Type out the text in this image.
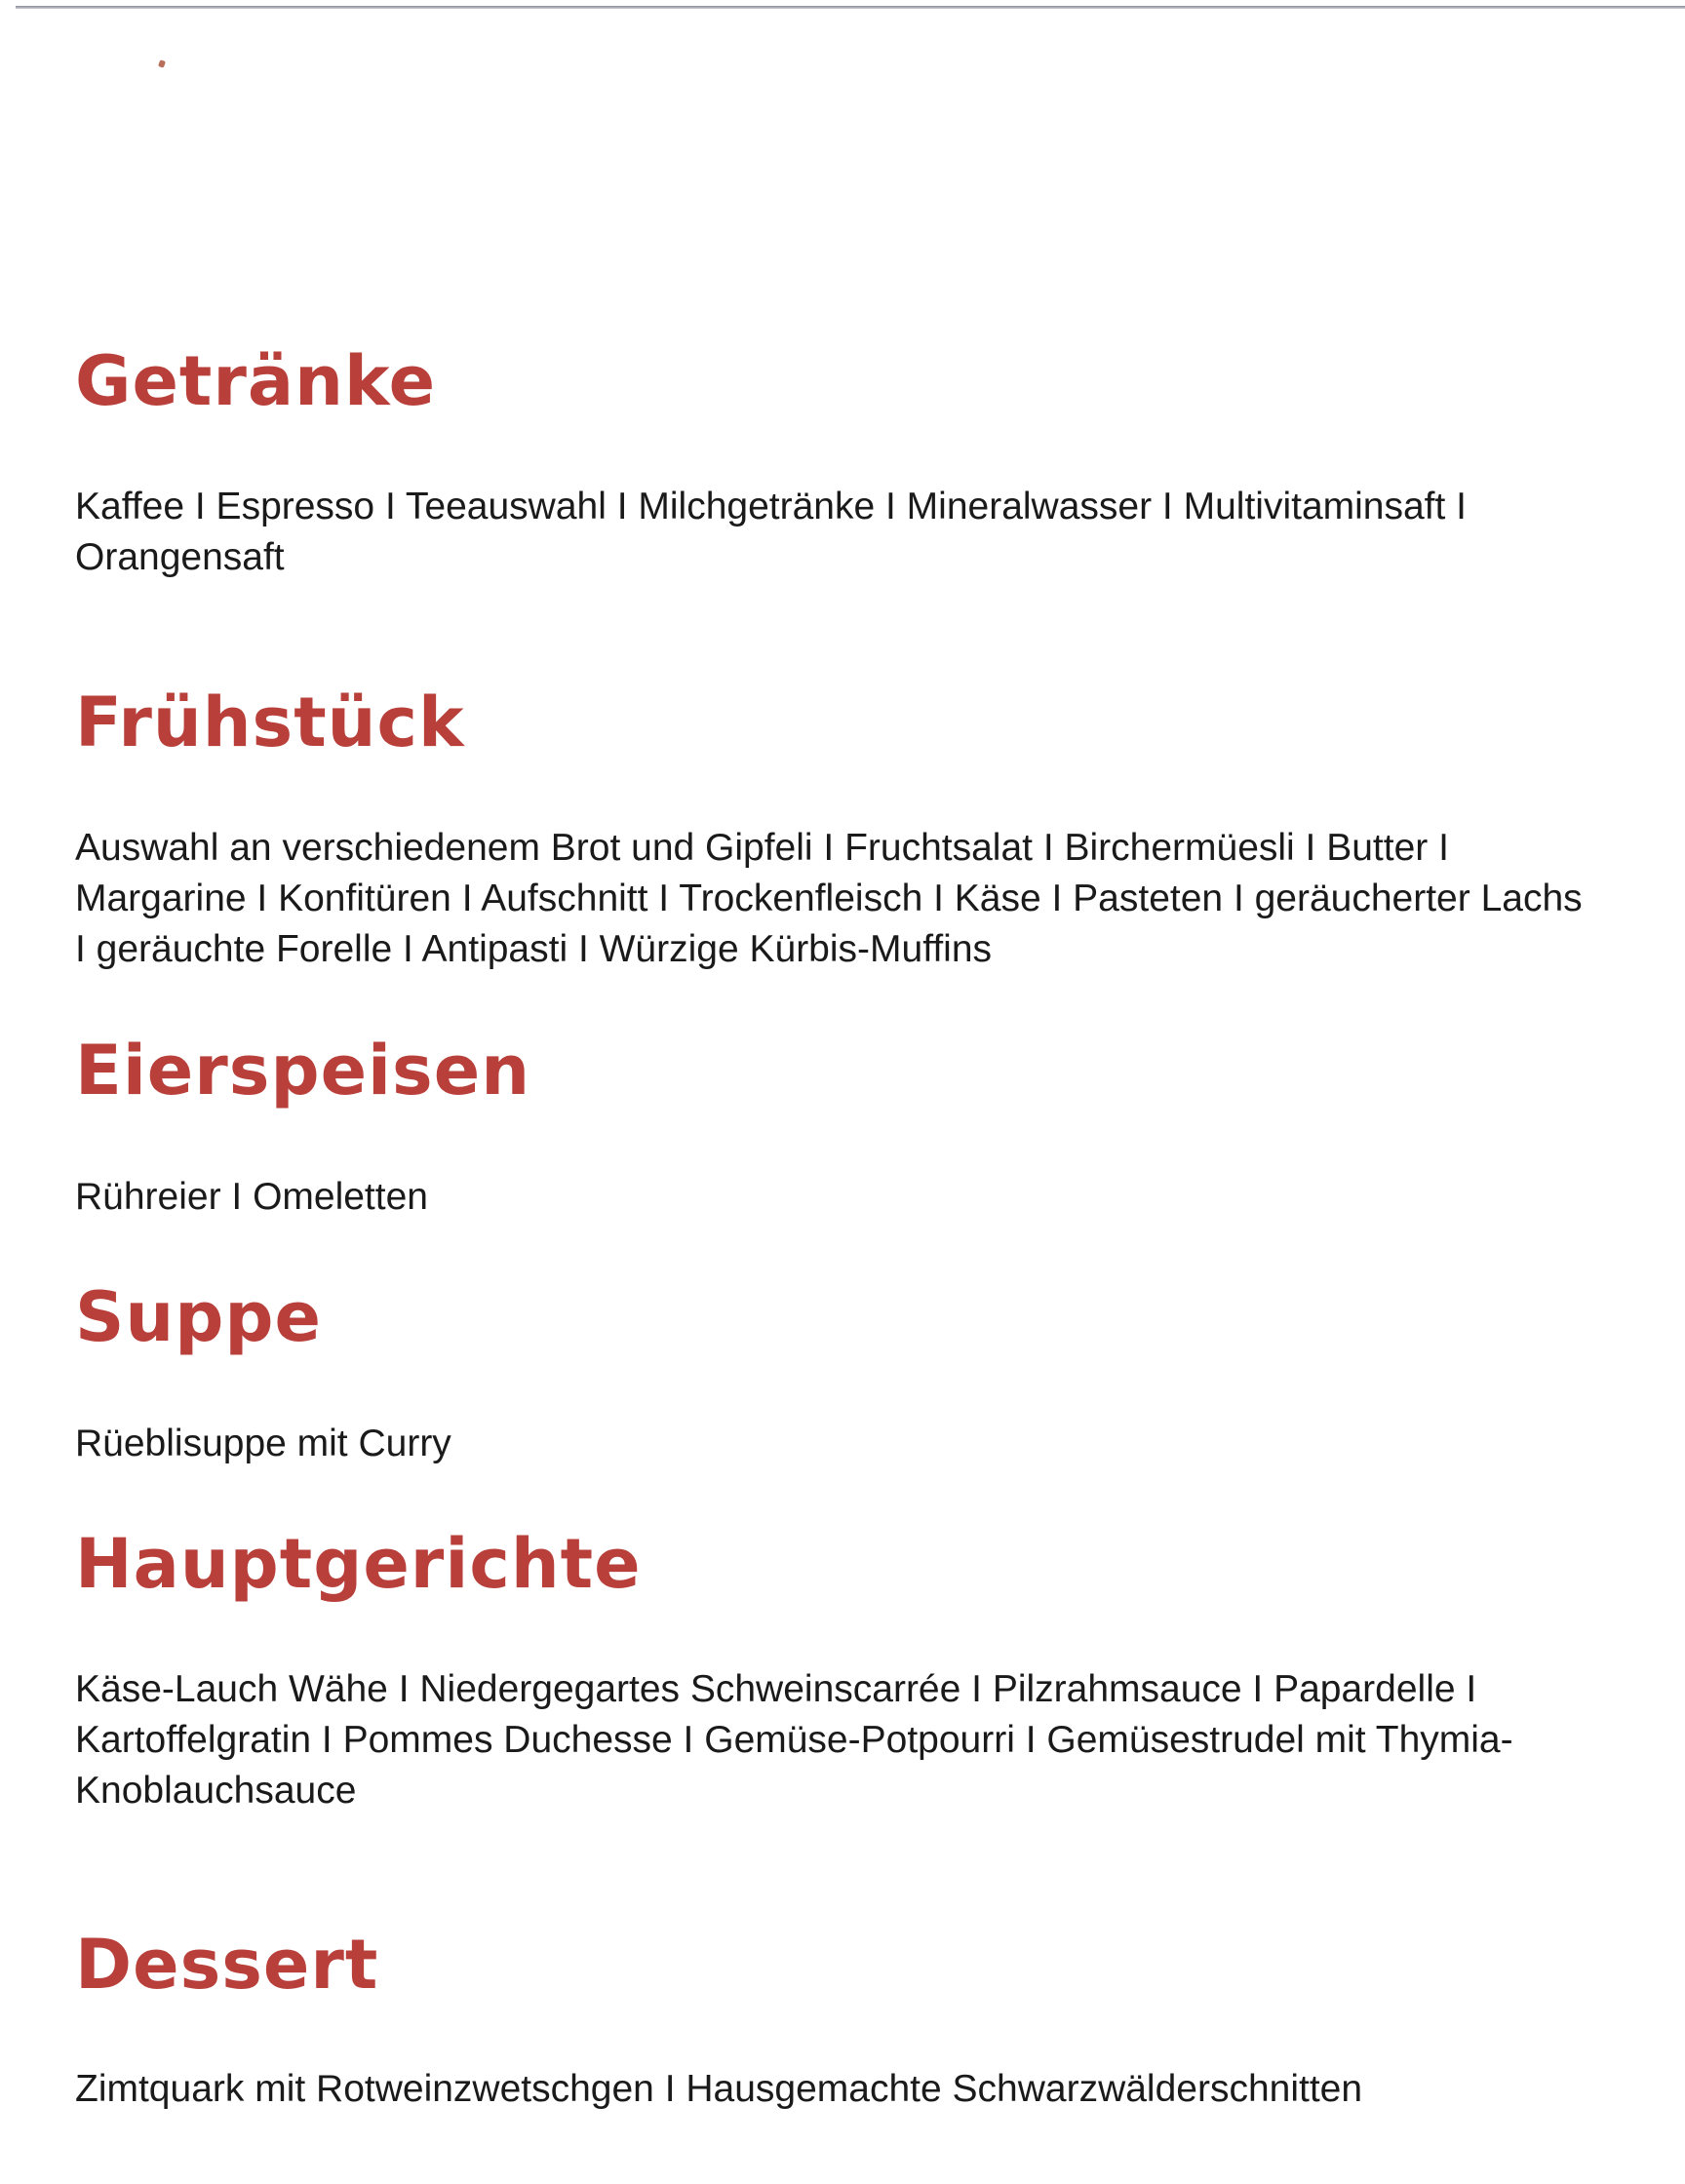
Getränke

Kaffee I Espresso I Teeauswahl I Milchgetränke I Mineralwasser I Multivitaminsaft I Orangensaft

Frühstück

Auswahl an verschiedenem Brot und Gipfeli I Fruchtsalat I Birchermüesli I Butter I Margarine I Konfitüren I Aufschnitt I Trockenfleisch I Käse I Pasteten I geräucherter Lachs I geräuchte Forelle I Antipasti I Würzige Kürbis-Muffins

Eierspeisen

Rühreier I Omeletten

Suppe

Rüeblisuppe mit Curry

Hauptgerichte

Käse-Lauch Wähe I Niedergegartes Schweinscarrée I Pilzrahmsauce I Papardelle I Kartoffelgratin I Pommes Duchesse I Gemüse-Potpourri I Gemüsestrudel mit Thymia-Knoblauchsauce

Dessert

Zimtquark mit Rotweinzwetschgen I Hausgemachte Schwarzwälderschnitten
